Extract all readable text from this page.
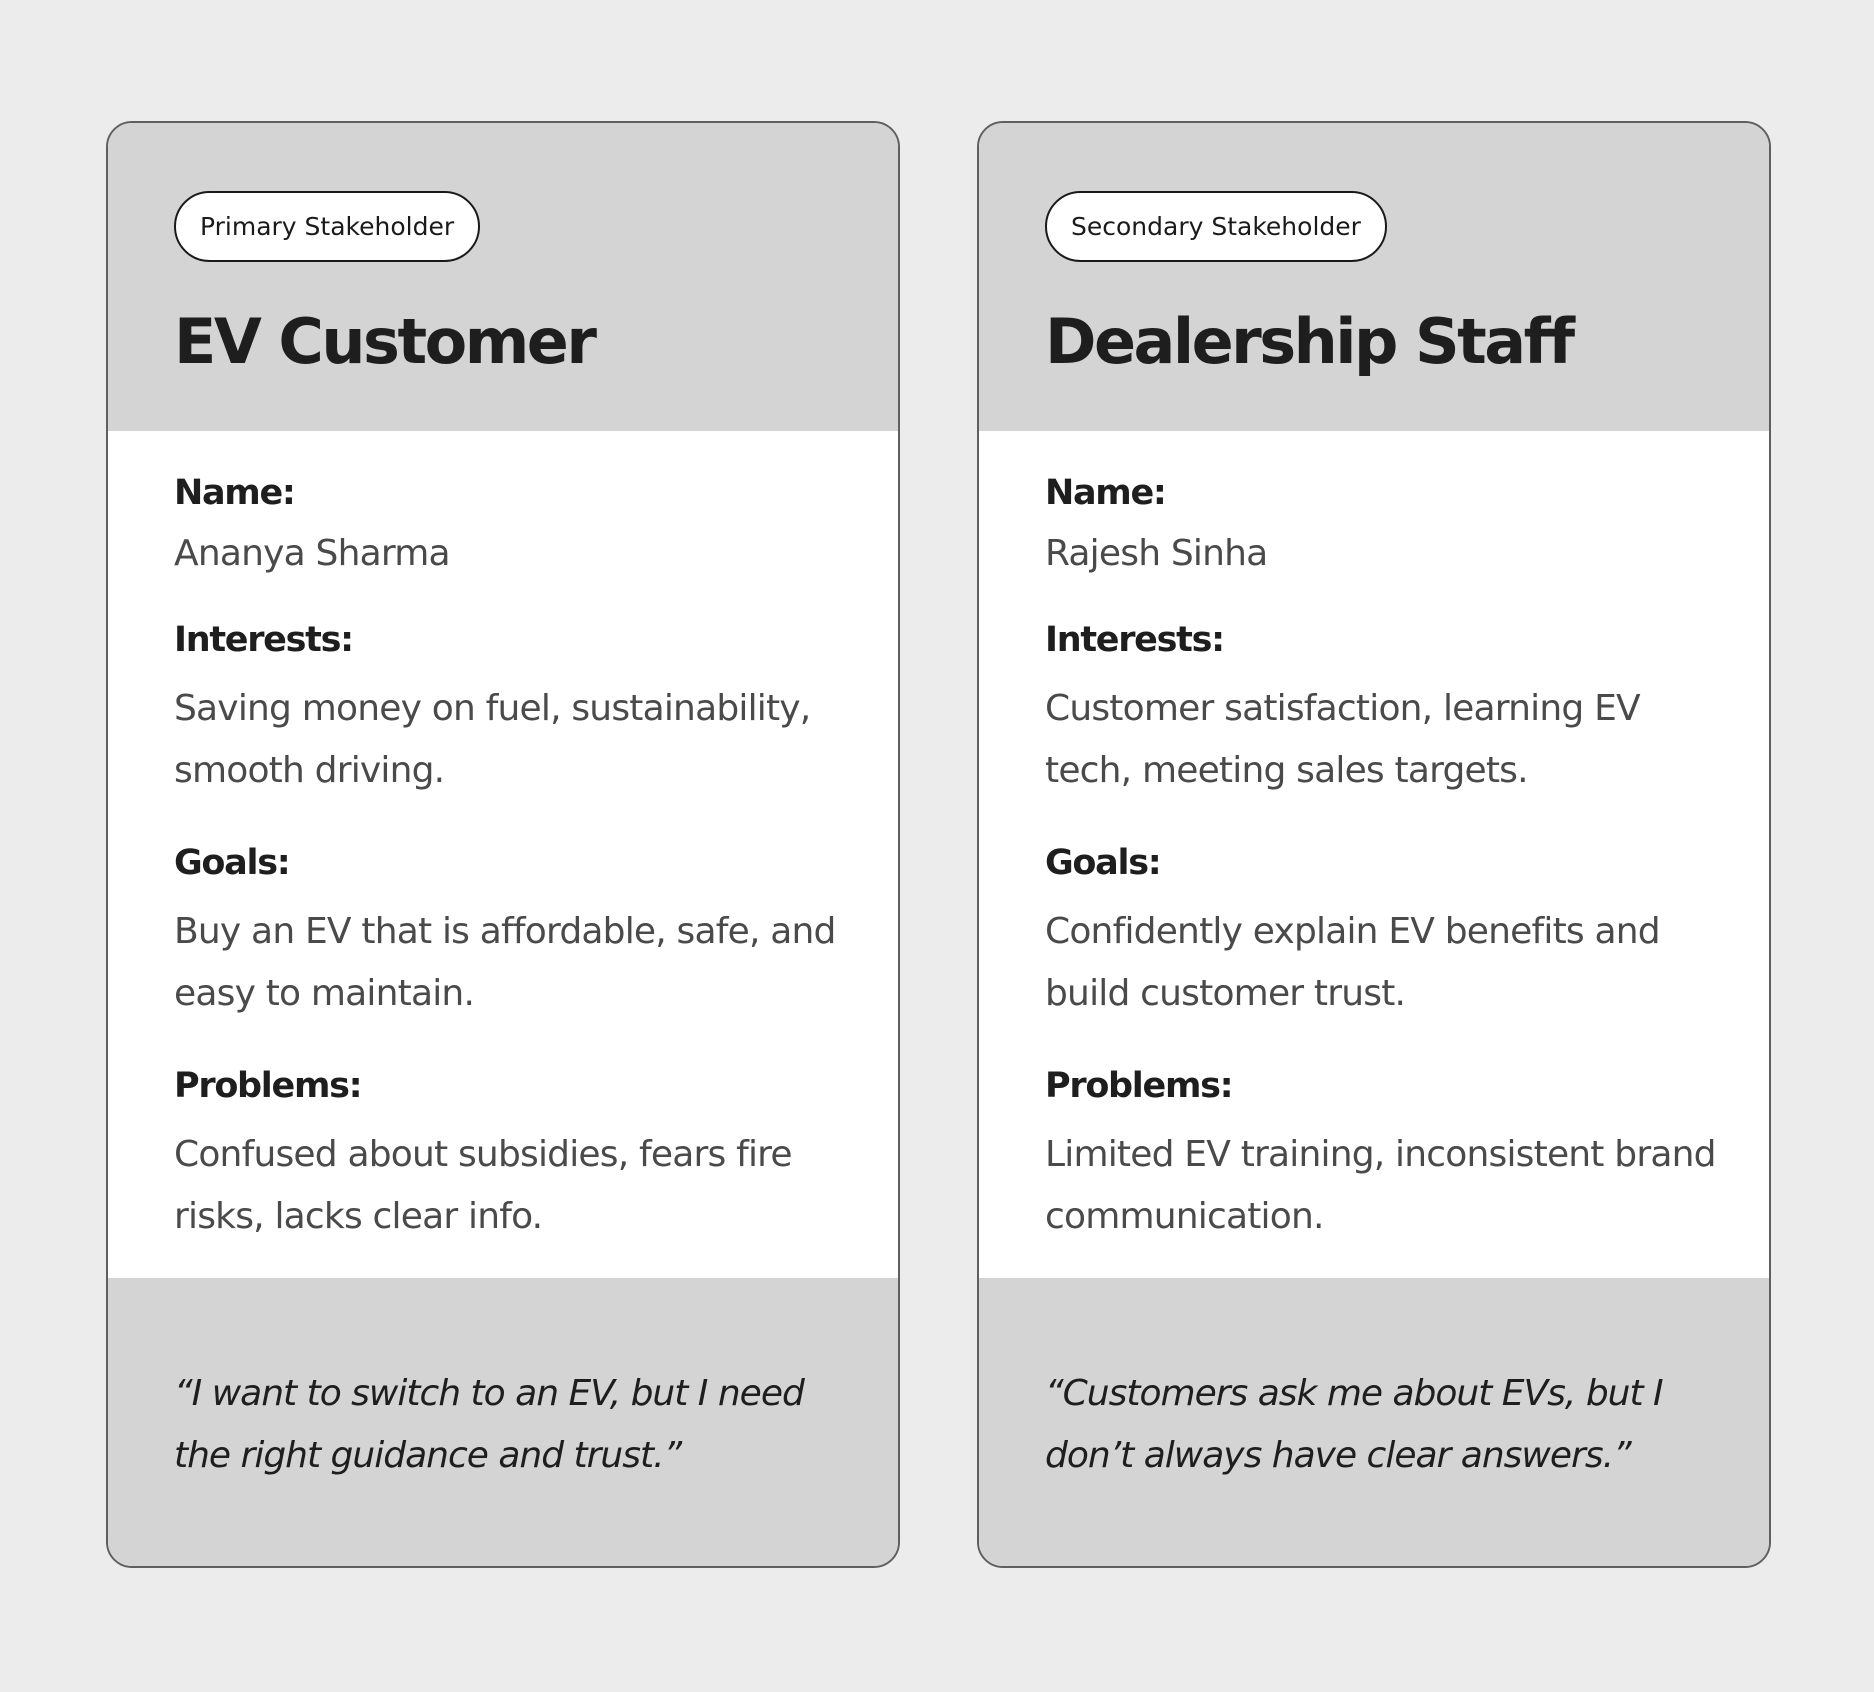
Primary Stakeholder
EV Customer
Name:
Ananya Sharma
Interests:
Saving money on fuel, sustainability, smooth driving.
Goals:
Buy an EV that is affordable, safe, and easy to maintain.
Problems:
Confused about subsidies, fears fire risks, lacks clear info.
“I want to switch to an EV, but I need the right guidance and trust.”
Secondary Stakeholder
Dealership Staff
Name:
Rajesh Sinha
Interests:
Customer satisfaction, learning EV tech, meeting sales targets.
Goals:
Confidently explain EV benefits and build customer trust.
Problems:
Limited EV training, inconsistent brand communication.
“Customers ask me about EVs, but I don’t always have clear answers.”
